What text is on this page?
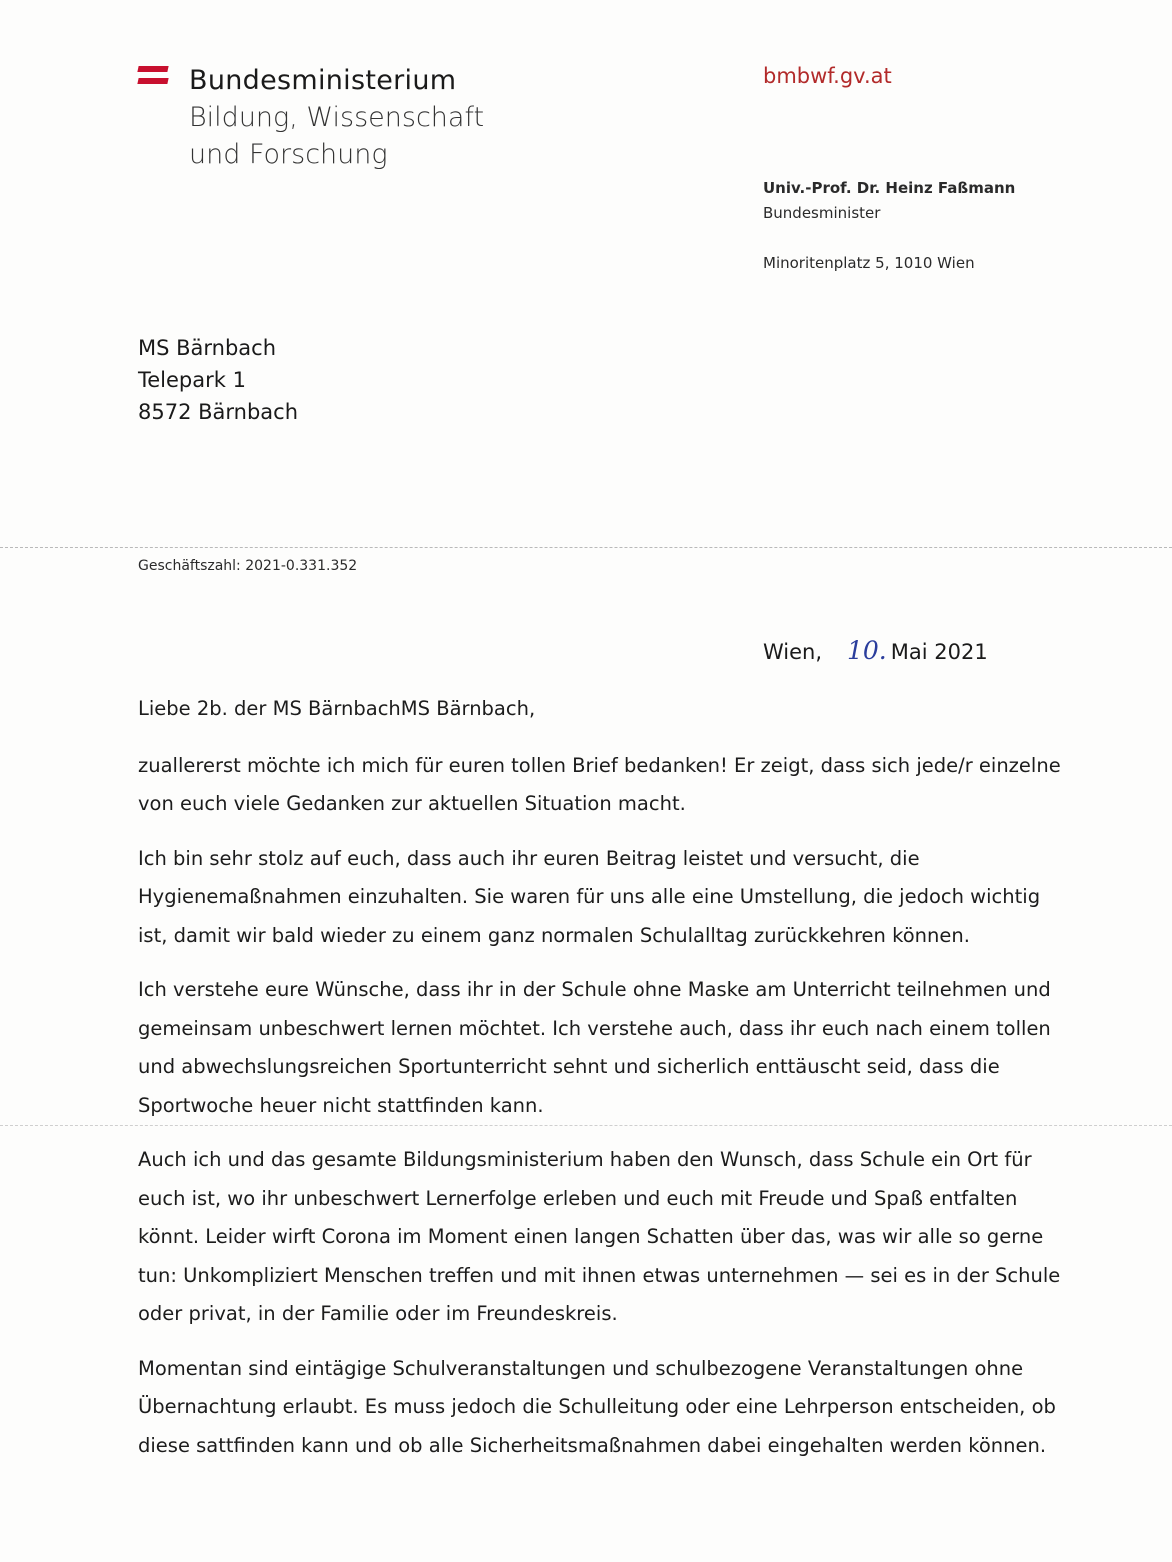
Bundesministerium
Bildung, Wissenschaft
und Forschung
bmbwf.gv.at
Univ.-Prof. Dr. Heinz Faßmann
Bundesminister
Minoritenplatz 5, 1010 Wien
MS Bärnbach
Telepark 1
8572 Bärnbach
Geschäftszahl: 2021-0.331.352
Wien, 10. Mai 2021

Liebe 2b. der MS BärnbachMS Bärnbach,

zuallererst möchte ich mich für euren tollen Brief bedanken! Er zeigt, dass sich jede/r einzelne von euch viele Gedanken zur aktuellen Situation macht.

Ich bin sehr stolz auf euch, dass auch ihr euren Beitrag leistet und versucht, die Hygienemaßnahmen einzuhalten. Sie waren für uns alle eine Umstellung, die jedoch wichtig ist, damit wir bald wieder zu einem ganz normalen Schulalltag zurückkehren können.

Ich verstehe eure Wünsche, dass ihr in der Schule ohne Maske am Unterricht teilnehmen und gemeinsam unbeschwert lernen möchtet. Ich verstehe auch, dass ihr euch nach einem tollen und abwechslungsreichen Sportunterricht sehnt und sicherlich enttäuscht seid, dass die Sportwoche heuer nicht stattfinden kann.

Auch ich und das gesamte Bildungsministerium haben den Wunsch, dass Schule ein Ort für euch ist, wo ihr unbeschwert Lernerfolge erleben und euch mit Freude und Spaß entfalten könnt. Leider wirft Corona im Moment einen langen Schatten über das, was wir alle so gerne tun: Unkompliziert Menschen treffen und mit ihnen etwas unternehmen — sei es in der Schule oder privat, in der Familie oder im Freundeskreis.

Momentan sind eintägige Schulveranstaltungen und schulbezogene Veranstaltungen ohne Übernachtung erlaubt. Es muss jedoch die Schulleitung oder eine Lehrperson entscheiden, ob diese sattfinden kann und ob alle Sicherheitsmaßnahmen dabei eingehalten werden können.
